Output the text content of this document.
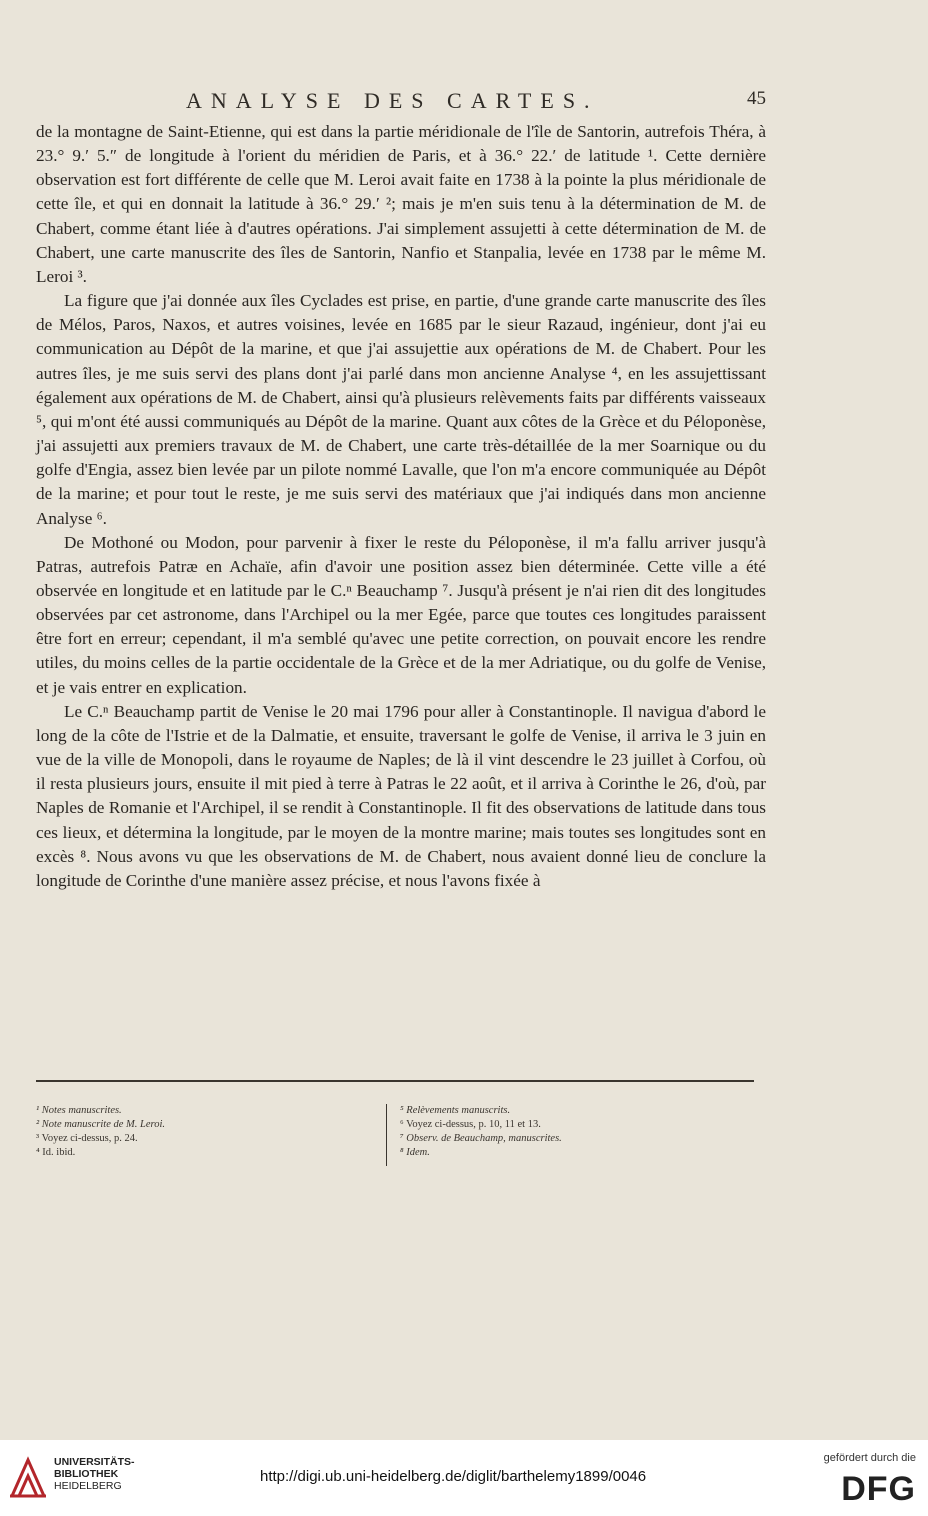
ANALYSE DES CARTES.	45

de la montagne de Saint-Etienne, qui est dans la partie méridionale de l'île de Santorin, autrefois Théra, à 23.° 9.′ 5.″ de longitude à l'orient du méridien de Paris, et à 36.° 22.′ de latitude ¹. Cette dernière observation est fort différente de celle que M. Leroi avait faite en 1738 à la pointe la plus méridionale de cette île, et qui en donnait la latitude à 36.° 29.′ ²; mais je m'en suis tenu à la détermination de M. de Chabert, comme étant liée à d'autres opérations. J'ai simplement assujetti à cette détermination de M. de Chabert, une carte manuscrite des îles de Santorin, Nanfio et Stanpalia, levée en 1738 par le même M. Leroi ³.

La figure que j'ai donnée aux îles Cyclades est prise, en partie, d'une grande carte manuscrite des îles de Mélos, Paros, Naxos, et autres voisines, levée en 1685 par le sieur Razaud, ingénieur, dont j'ai eu communication au Dépôt de la marine, et que j'ai assujettie aux opérations de M. de Chabert. Pour les autres îles, je me suis servi des plans dont j'ai parlé dans mon ancienne Analyse ⁴, en les assujettissant également aux opérations de M. de Chabert, ainsi qu'à plusieurs relèvements faits par différents vaisseaux ⁵, qui m'ont été aussi communiqués au Dépôt de la marine. Quant aux côtes de la Grèce et du Péloponèse, j'ai assujetti aux premiers travaux de M. de Chabert, une carte très-détaillée de la mer Soarnique ou du golfe d'Engia, assez bien levée par un pilote nommé Lavalle, que l'on m'a encore communiquée au Dépôt de la marine; et pour tout le reste, je me suis servi des matériaux que j'ai indiqués dans mon ancienne Analyse ⁶.

De Mothoné ou Modon, pour parvenir à fixer le reste du Péloponèse, il m'a fallu arriver jusqu'à Patras, autrefois Patræ en Achaïe, afin d'avoir une position assez bien déterminée. Cette ville a été observée en longitude et en latitude par le C.ⁿ Beauchamp ⁷. Jusqu'à présent je n'ai rien dit des longitudes observées par cet astronome, dans l'Archipel ou la mer Egée, parce que toutes ces longitudes paraissent être fort en erreur; cependant, il m'a semblé qu'avec une petite correction, on pouvait encore les rendre utiles, du moins celles de la partie occidentale de la Grèce et de la mer Adriatique, ou du golfe de Venise, et je vais entrer en explication.

Le C.ⁿ Beauchamp partit de Venise le 20 mai 1796 pour aller à Constantinople. Il navigua d'abord le long de la côte de l'Istrie et de la Dalmatie, et ensuite, traversant le golfe de Venise, il arriva le 3 juin en vue de la ville de Monopoli, dans le royaume de Naples; de là il vint descendre le 23 juillet à Corfou, où il resta plusieurs jours, ensuite il mit pied à terre à Patras le 22 août, et il arriva à Corinthe le 26, d'où, par Naples de Romanie et l'Archipel, il se rendit à Constantinople. Il fit des observations de latitude dans tous ces lieux, et détermina la longitude, par le moyen de la montre marine; mais toutes ses longitudes sont en excès ⁸. Nous avons vu que les observations de M. de Chabert, nous avaient donné lieu de conclure la longitude de Corinthe d'une manière assez précise, et nous l'avons fixée à

¹ Notes manuscrites.
² Note manuscrite de M. Leroi.
³ Voyez ci-dessus, p. 24.
⁴ Id. ibid.
⁵ Relèvements manuscrits.
⁶ Voyez ci-dessus, p. 10, 11 et 13.
⁷ Observ. de Beauchamp, manuscrites.
⁸ Idem.
UNIVERSITÄTS-
BIBLIOTHEK
HEIDELBERG
http://digi.ub.uni-heidelberg.de/diglit/barthelemy1899/0046
gefördert durch die
DFG
